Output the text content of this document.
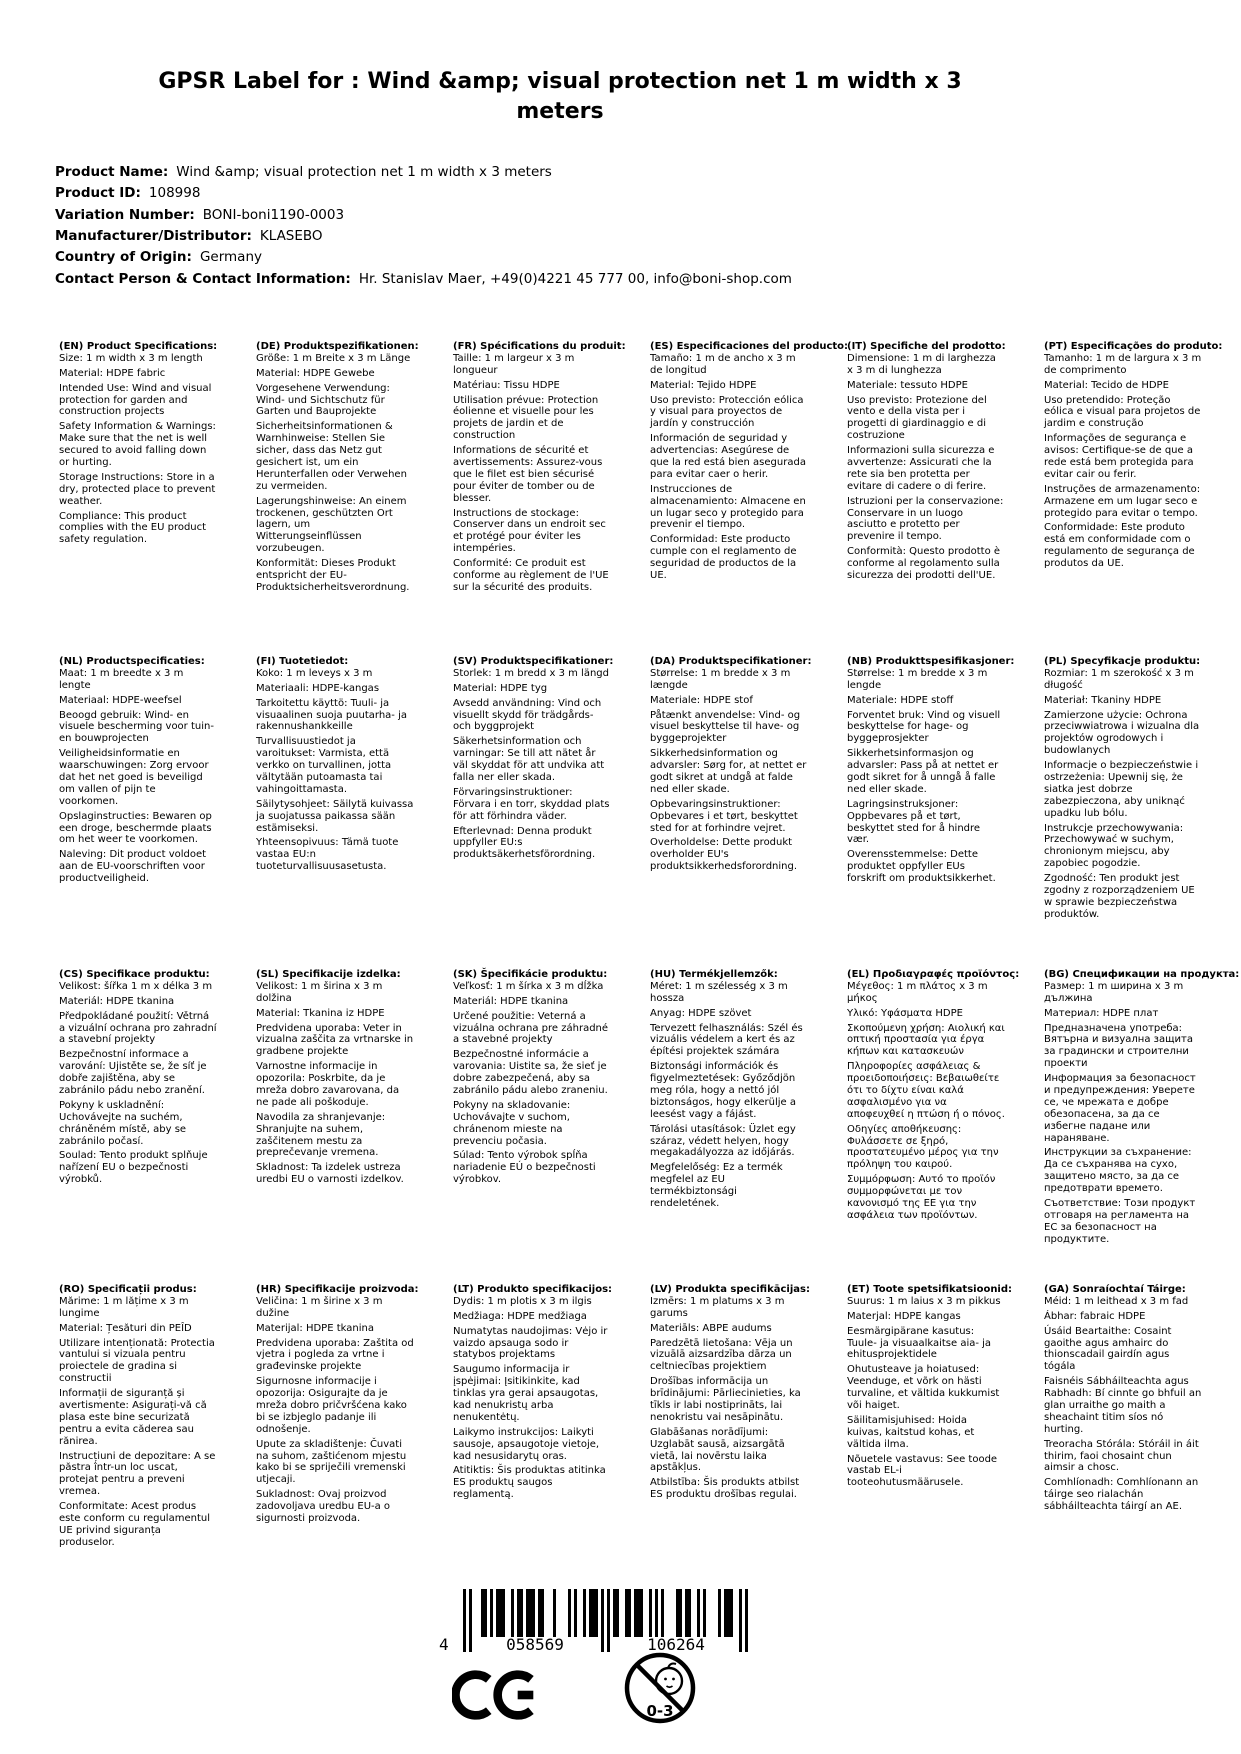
GPSR Label for : Wind &amp; visual protection net 1 m width x 3 meters
Product Name: Wind &amp; visual protection net 1 m width x 3 meters
Product ID: 108998
Variation Number: BONI-boni1190-0003
Manufacturer/Distributor: KLASEBO
Country of Origin: Germany
Contact Person & Contact Information: Hr. Stanislav Maer, +49(0)4221 45 777 00, info@boni-shop.com
(EN) Product Specifications:

Size: 1 m width x 3 m length

Material: HDPE fabric

Intended Use: Wind and visual protection for garden and construction projects

Safety Information & Warnings: Make sure that the net is well secured to avoid falling down or hurting.

Storage Instructions: Store in a dry, protected place to prevent weather.

Compliance: This product complies with the EU product safety regulation.

(DE) Produktspezifikationen:

Größe: 1 m Breite x 3 m Länge

Material: HDPE Gewebe

Vorgesehene Verwendung: Wind- und Sichtschutz für Garten und Bauprojekte

Sicherheitsinformationen & Warnhinweise: Stellen Sie sicher, dass das Netz gut gesichert ist, um ein Herunterfallen oder Verwehen zu vermeiden.

Lagerungshinweise: An einem trockenen, geschützten Ort lagern, um Witterungseinflüssen vorzubeugen.

Konformität: Dieses Produkt entspricht der EU-Produktsicherheitsverordnung.

(FR) Spécifications du produit:

Taille: 1 m largeur x 3 m longueur

Matériau: Tissu HDPE

Utilisation prévue: Protection éolienne et visuelle pour les projets de jardin et de construction

Informations de sécurité et avertissements: Assurez-vous que le filet est bien sécurisé pour éviter de tomber ou de blesser.

Instructions de stockage: Conserver dans un endroit sec et protégé pour éviter les intempéries.

Conformité: Ce produit est conforme au règlement de l'UE sur la sécurité des produits.

(ES) Especificaciones del producto:

Tamaño: 1 m de ancho x 3 m de longitud

Material: Tejido HDPE

Uso previsto: Protección eólica y visual para proyectos de jardín y construcción

Información de seguridad y advertencias: Asegúrese de que la red está bien asegurada para evitar caer o herir.

Instrucciones de almacenamiento: Almacene en un lugar seco y protegido para prevenir el tiempo.

Conformidad: Este producto cumple con el reglamento de seguridad de productos de la UE.

(IT) Specifiche del prodotto:

Dimensione: 1 m di larghezza x 3 m di lunghezza

Materiale: tessuto HDPE

Uso previsto: Protezione del vento e della vista per i progetti di giardinaggio e di costruzione

Informazioni sulla sicurezza e avvertenze: Assicurati che la rete sia ben protetta per evitare di cadere o di ferire.

Istruzioni per la conservazione: Conservare in un luogo asciutto e protetto per prevenire il tempo.

Conformità: Questo prodotto è conforme al regolamento sulla sicurezza dei prodotti dell'UE.

(PT) Especificações do produto:

Tamanho: 1 m de largura x 3 m de comprimento

Material: Tecido de HDPE

Uso pretendido: Proteção eólica e visual para projetos de jardim e construção

Informações de segurança e avisos: Certifique-se de que a rede está bem protegida para evitar cair ou ferir.

Instruções de armazenamento: Armazene em um lugar seco e protegido para evitar o tempo.

Conformidade: Este produto está em conformidade com o regulamento de segurança de produtos da UE.

(NL) Productspecificaties:

Maat: 1 m breedte x 3 m lengte

Materiaal: HDPE-weefsel

Beoogd gebruik: Wind- en visuele bescherming voor tuin- en bouwprojecten

Veiligheidsinformatie en waarschuwingen: Zorg ervoor dat het net goed is beveiligd om vallen of pijn te voorkomen.

Opslaginstructies: Bewaren op een droge, beschermde plaats om het weer te voorkomen.

Naleving: Dit product voldoet aan de EU-voorschriften voor productveiligheid.

(FI) Tuotetiedot:

Koko: 1 m leveys x 3 m

Materiaali: HDPE-kangas

Tarkoitettu käyttö: Tuuli- ja visuaalinen suoja puutarha- ja rakennushankkeille

Turvallisuustiedot ja varoitukset: Varmista, että verkko on turvallinen, jotta vältytään putoamasta tai vahingoittamasta.

Säilytysohjeet: Säilytä kuivassa ja suojatussa paikassa sään estämiseksi.

Yhteensopivuus: Tämä tuote vastaa EU:n tuoteturvallisuusasetusta.

(SV) Produktspecifikationer:

Storlek: 1 m bredd x 3 m längd

Material: HDPE tyg

Avsedd användning: Vind och visuellt skydd för trädgårds- och byggprojekt

Säkerhetsinformation och varningar: Se till att nätet år väl skyddat för att undvika att falla ner eller skada.

Förvaringsinstruktioner: Förvara i en torr, skyddad plats för att förhindra väder.

Efterlevnad: Denna produkt uppfyller EU:s produktsäkerhetsförordning.

(DA) Produktspecifikationer:

Størrelse: 1 m bredde x 3 m længde

Materiale: HDPE stof

Påtænkt anvendelse: Vind- og visuel beskyttelse til have- og byggeprojekter

Sikkerhedsinformation og advarsler: Sørg for, at nettet er godt sikret at undgå at falde ned eller skade.

Opbevaringsinstruktioner: Opbevares i et tørt, beskyttet sted for at forhindre vejret.

Overholdelse: Dette produkt overholder EU's produktsikkerhedsforordning.

(NB) Produkttspesifikasjoner:

Størrelse: 1 m bredde x 3 m lengde

Materiale: HDPE stoff

Forventet bruk: Vind og visuell beskyttelse for hage- og byggeprosjekter

Sikkerhetsinformasjon og advarsler: Pass på at nettet er godt sikret for å unngå å falle ned eller skade.

Lagringsinstruksjoner: Oppbevares på et tørt, beskyttet sted for å hindre vær.

Overensstemmelse: Dette produktet oppfyller EUs forskrift om produktsikkerhet.

(PL) Specyfikacje produktu:

Rozmiar: 1 m szerokość x 3 m długość

Materiał: Tkaniny HDPE

Zamierzone użycie: Ochrona przeciwwiatrowa i wizualna dla projektów ogrodowych i budowlanych

Informacje o bezpieczeństwie i ostrzeżenia: Upewnij się, że siatka jest dobrze zabezpieczona, aby uniknąć upadku lub bólu.

Instrukcje przechowywania: Przechowywać w suchym, chronionym miejscu, aby zapobiec pogodzie.

Zgodność: Ten produkt jest zgodny z rozporządzeniem UE w sprawie bezpieczeństwa produktów.

(CS) Specifikace produktu:

Velikost: šířka 1 m x délka 3 m

Materiál: HDPE tkanina

Předpokládané použití: Větrná a vizuální ochrana pro zahradní a stavební projekty

Bezpečnostní informace a varování: Ujistěte se, že síť je dobře zajištěna, aby se zabránilo pádu nebo zranění.

Pokyny k uskladnění: Uchovávejte na suchém, chráněném místě, aby se zabránilo počasí.

Soulad: Tento produkt splňuje nařízení EU o bezpečnosti výrobků.

(SL) Specifikacije izdelka:

Velikost: 1 m širina x 3 m dolžina

Material: Tkanina iz HDPE

Predvidena uporaba: Veter in vizualna zaščita za vrtnarske in gradbene projekte

Varnostne informacije in opozorila: Poskrbite, da je mreža dobro zavarovana, da ne pade ali poškoduje.

Navodila za shranjevanje: Shranjujte na suhem, zaščitenem mestu za preprečevanje vremena.

Skladnost: Ta izdelek ustreza uredbi EU o varnosti izdelkov.

(SK) Špecifikácie produktu:

Veľkosť: 1 m šírka x 3 m dĺžka

Materiál: HDPE tkanina

Určené použitie: Veterná a vizuálna ochrana pre záhradné a stavebné projekty

Bezpečnostné informácie a varovania: Uistite sa, že sieť je dobre zabezpečená, aby sa zabránilo pádu alebo zraneniu.

Pokyny na skladovanie: Uchovávajte v suchom, chránenom mieste na prevenciu počasia.

Súlad: Tento výrobok spĺňa nariadenie EÚ o bezpečnosti výrobkov.

(HU) Termékjellemzők:

Méret: 1 m szélesség x 3 m hossza

Anyag: HDPE szövet

Tervezett felhasználás: Szél és vizuális védelem a kert és az építési projektek számára

Biztonsági információk és figyelmeztetések: Győződjön meg róla, hogy a nettó jól biztonságos, hogy elkerülje a leesést vagy a fájást.

Tárolási utasítások: Üzlet egy száraz, védett helyen, hogy megakadályozza az időjárás.

Megfelelőség: Ez a termék megfelel az EU termékbiztonsági rendeletének.

(EL) Προδιαγραφές προϊόντος:

Μέγεθος: 1 m πλάτος x 3 m μήκος

Υλικό: Υφάσματα HDPE

Σκοπούμενη χρήση: Αιολική και οπτική προστασία για έργα κήπων και κατασκευών

Πληροφορίες ασφάλειας & προειδοποιήσεις: Βεβαιωθείτε ότι το δίχτυ είναι καλά ασφαλισμένο για να αποφευχθεί η πτώση ή ο πόνος.

Οδηγίες αποθήκευσης: Φυλάσσετε σε ξηρό, προστατευμένο μέρος για την πρόληψη του καιρού.

Συμμόρφωση: Αυτό το προϊόν συμμορφώνεται με τον κανονισμό της ΕΕ για την ασφάλεια των προϊόντων.

(BG) Спецификации на продукта:

Размер: 1 m ширина x 3 m дължина

Материал: HDPE плат

Предназначена употреба: Вятърна и визуална защита за градински и строителни проекти

Информация за безопасност и предупреждения: Уверете се, че мрежата е добре обезопасена, за да се избегне падане или нараняване.

Инструкции за съхранение: Да се съхранява на сухо, защитено място, за да се предотврати времето.

Съответствие: Този продукт отговаря на регламента на ЕС за безопасност на продуктите.

(RO) Specificații produs:

Mărime: 1 m lățime x 3 m lungime

Material: Țesături din PEÎD

Utilizare intenționată: Protectia vantului si vizuala pentru proiectele de gradina si constructii

Informații de siguranță și avertismente: Asigurați-vă că plasa este bine securizată pentru a evita căderea sau rănirea.

Instrucțiuni de depozitare: A se păstra într-un loc uscat, protejat pentru a preveni vremea.

Conformitate: Acest produs este conform cu regulamentul UE privind siguranța produselor.

(HR) Specifikacije proizvoda:

Veličina: 1 m širine x 3 m dužine

Materijal: HDPE tkanina

Predvidena uporaba: Zaštita od vjetra i pogleda za vrtne i građevinske projekte

Sigurnosne informacije i opozorija: Osigurajte da je mreža dobro pričvršćena kako bi se izbjeglo padanje ili odnošenje.

Upute za skladištenje: Čuvati na suhom, zaštićenom mjestu kako bi se spriječili vremenski utjecaji.

Sukladnost: Ovaj proizvod zadovoljava uredbu EU-a o sigurnosti proizvoda.

(LT) Produkto specifikacijos:

Dydis: 1 m plotis x 3 m ilgis

Medžiaga: HDPE medžiaga

Numatytas naudojimas: Vėjo ir vaizdo apsauga sodo ir statybos projektams

Saugumo informacija ir įspėjimai: Įsitikinkite, kad tinklas yra gerai apsaugotas, kad nenukristų arba nenukentėtų.

Laikymo instrukcijos: Laikyti sausoje, apsaugotoje vietoje, kad nesusidarytų oras.

Atitiktis: Šis produktas atitinka ES produktų saugos reglamentą.

(LV) Produkta specifikācijas:

Izmērs: 1 m platums x 3 m garums

Materiāls: ABPE audums

Paredzētā lietošana: Vēja un vizuālā aizsardzība dārza un celtniecības projektiem

Drošības informācija un brīdinājumi: Pārliecinieties, ka tīkls ir labi nostiprināts, lai nenokristu vai nesāpinātu.

Glabāšanas norādījumi: Uzglabāt sausā, aizsargātā vietā, lai novērstu laika apstākļus.

Atbilstība: Šis produkts atbilst ES produktu drošības regulai.

(ET) Toote spetsifikatsioonid:

Suurus: 1 m laius x 3 m pikkus

Materjal: HDPE kangas

Eesmärgipärane kasutus: Tuule- ja visuaalkaitse aia- ja ehitusprojektidele

Ohutusteave ja hoiatused: Veenduge, et võrk on hästi turvaline, et vältida kukkumist või haiget.

Säilitamisjuhised: Hoida kuivas, kaitstud kohas, et vältida ilma.

Nõuetele vastavus: See toode vastab EL-i tooteohutusmäärusele.

(GA) Sonraíochtaí Táirge:

Méid: 1 m leithead x 3 m fad

Ábhar: fabraic HDPE

Úsáid Beartaithe: Cosaint gaoithe agus amhairc do thionscadail gairdín agus tógála

Faisnéis Sábháilteachta agus Rabhadh: Bí cinnte go bhfuil an glan urraithe go maith a sheachaint titim síos nó hurting.

Treoracha Stórála: Stóráil in áit thirim, faoi chosaint chun aimsir a chosc.

Comhlíonadh: Comhlíonann an táirge seo rialachán sábháilteachta táirgí an AE.

4	058569	106264
0-3
